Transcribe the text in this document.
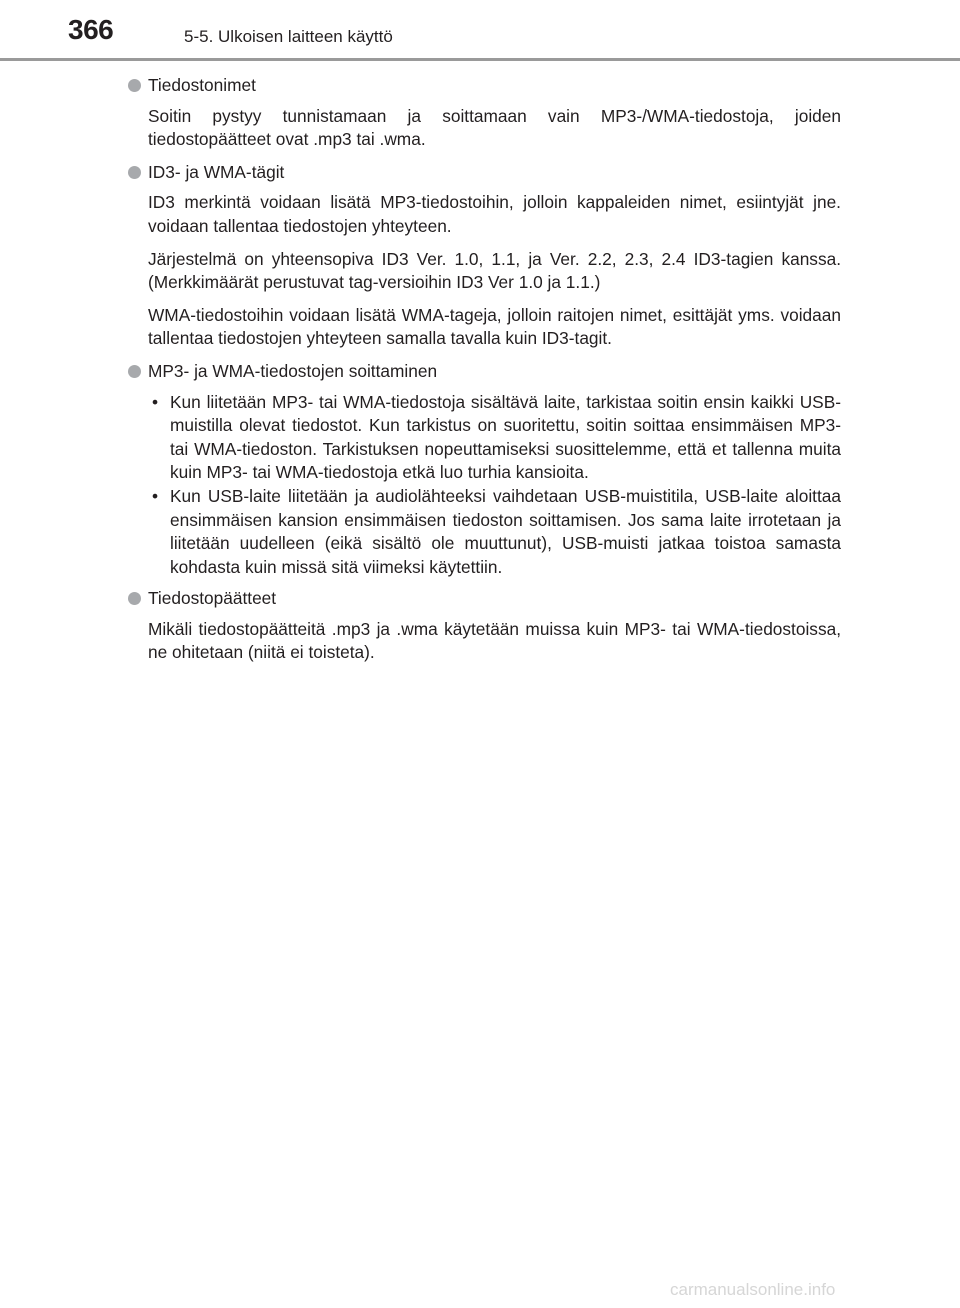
366	5-5. Ulkoisen laitteen käyttö

Tiedostonimet

Soitin pystyy tunnistamaan ja soittamaan vain MP3-/WMA-tiedostoja, joiden tiedostopäätteet ovat .mp3 tai .wma.

ID3- ja WMA-tägit

ID3 merkintä voidaan lisätä MP3-tiedostoihin, jolloin kappaleiden nimet, esiintyjät jne. voidaan tallentaa tiedostojen yhteyteen.

Järjestelmä on yhteensopiva ID3 Ver. 1.0, 1.1, ja Ver. 2.2, 2.3, 2.4 ID3-tagien kanssa. (Merkkimäärät perustuvat tag-versioihin ID3 Ver 1.0 ja 1.1.)

WMA-tiedostoihin voidaan lisätä WMA-tageja, jolloin raitojen nimet, esittäjät yms. voidaan tallentaa tiedostojen yhteyteen samalla tavalla kuin ID3-tagit.

MP3- ja WMA-tiedostojen soittaminen

• Kun liitetään MP3- tai WMA-tiedostoja sisältävä laite, tarkistaa soitin ensin kaikki USB-muistilla olevat tiedostot. Kun tarkistus on suoritettu, soitin soittaa ensimmäisen MP3- tai WMA-tiedoston. Tarkistuksen nopeuttamiseksi suosittelemme, että et tallenna muita kuin MP3- tai WMA-tiedostoja etkä luo turhia kansioita.
• Kun USB-laite liitetään ja audiolähteeksi vaihdetaan USB-muistitila, USB-laite aloittaa ensimmäisen kansion ensimmäisen tiedoston soittamisen. Jos sama laite irrotetaan ja liitetään uudelleen (eikä sisältö ole muuttunut), USB-muisti jatkaa toistoa samasta kohdasta kuin missä sitä viimeksi käytettiin.

Tiedostopäätteet

Mikäli tiedostopäätteitä .mp3 ja .wma käytetään muissa kuin MP3- tai WMA-tiedostoissa, ne ohitetaan (niitä ei toisteta).

carmanualsonline.info
